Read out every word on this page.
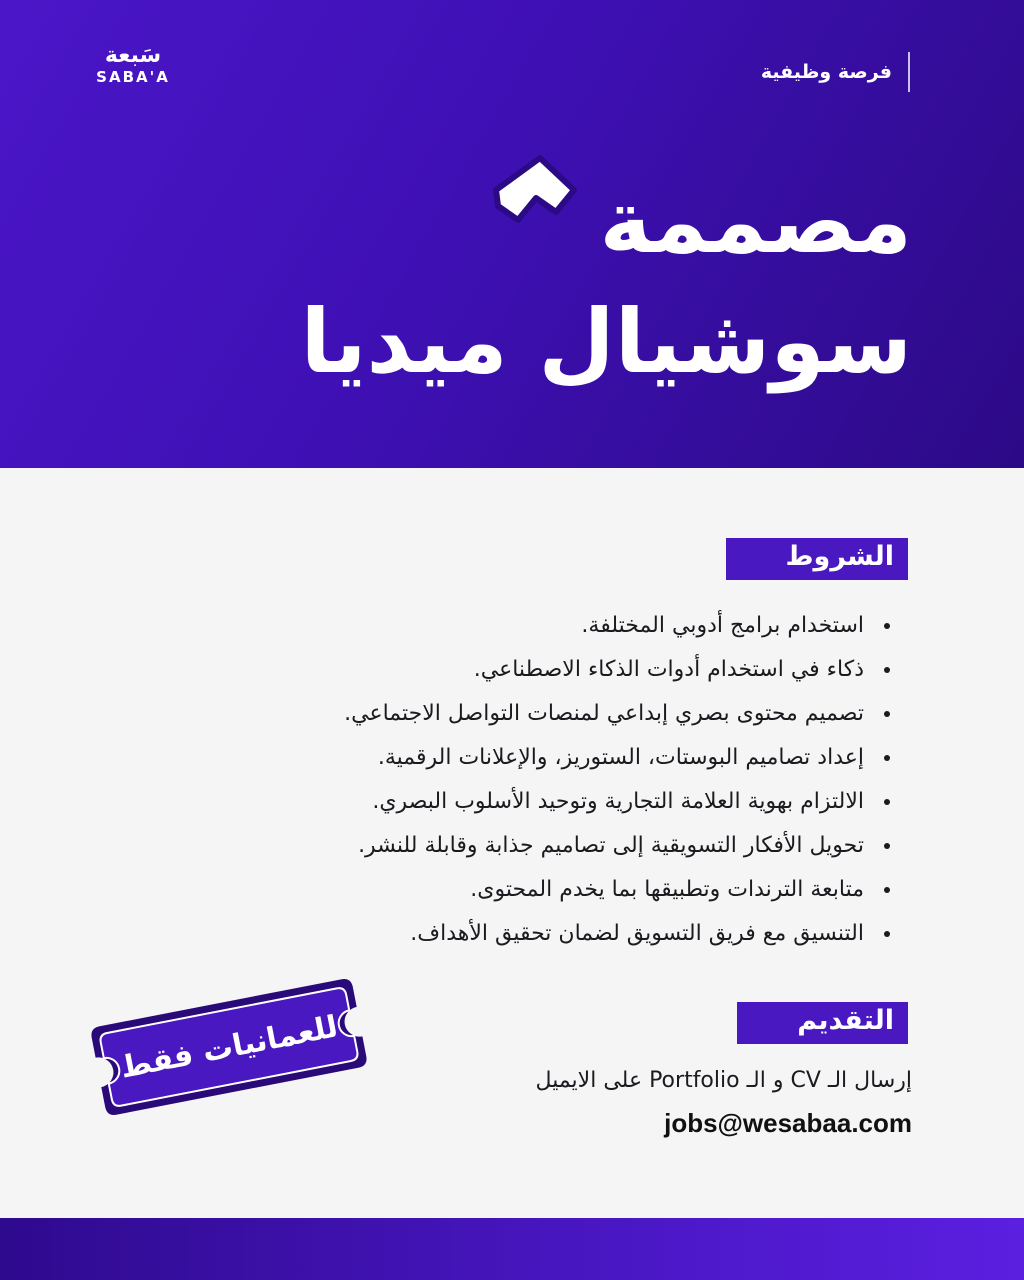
سَبعة
SABA'A	فرصة وظيفية
مصممة
سوشيال ميديا
الشروط
استخدام برامج أدوبي المختلفة.
ذكاء في استخدام أدوات الذكاء الاصطناعي.
تصميم محتوى بصري إبداعي لمنصات التواصل الاجتماعي.
إعداد تصاميم البوستات، الستوريز، والإعلانات الرقمية.
الالتزام بهوية العلامة التجارية وتوحيد الأسلوب البصري.
تحويل الأفكار التسويقية إلى تصاميم جذابة وقابلة للنشر.
متابعة الترندات وتطبيقها بما يخدم المحتوى.
التنسيق مع فريق التسويق لضمان تحقيق الأهداف.
للعمانيات فقط	التقديم
إرسال الـ CV و الـ Portfolio على الايميل
jobs@wesabaa.com
